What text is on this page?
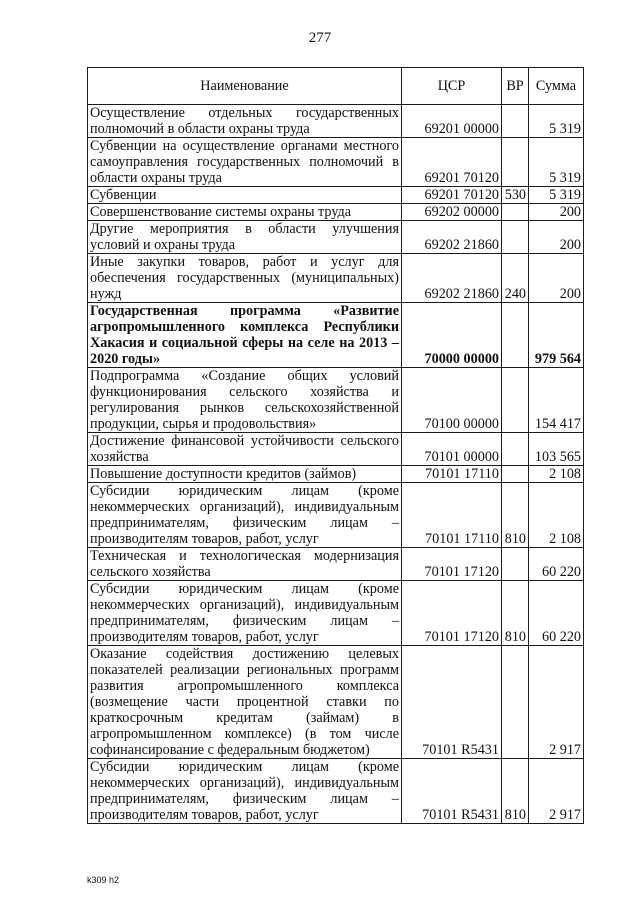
277
Наименование	ЦСР	ВР	Сумма
Осуществление отдельных государственных полномочий в области охраны труда	69201 00000		5 319
Субвенции на осуществление органами местного самоуправления государственных полномочий в области охраны труда	69201 70120		5 319
Субвенции	69201 70120	530	5 319
Совершенствование системы охраны труда	69202 00000		200
Другие мероприятия в области улучшения условий и охраны труда	69202 21860		200
Иные закупки товаров, работ и услуг для обеспечения государственных (муниципальных) нужд	69202 21860	240	200
Государственная программа «Развитие агропромышленного комплекса Республики Хакасия и социальной сферы на селе на 2013 – 2020 годы»	70000 00000		979 564
Подпрограмма «Создание общих условий функционирования сельского хозяйства и регулирования рынков сельскохозяйственной продукции, сырья и продовольствия»	70100 00000		154 417
Достижение финансовой устойчивости сельского хозяйства	70101 00000		103 565
Повышение доступности кредитов (займов)	70101 17110		2 108
Субсидии юридическим лицам (кроме некоммерческих организаций), индивидуальным предпринимателям, физическим лицам – производителям товаров, работ, услуг	70101 17110	810	2 108
Техническая и технологическая модернизация сельского хозяйства	70101 17120		60 220
Субсидии юридическим лицам (кроме некоммерческих организаций), индивидуальным предпринимателям, физическим лицам – производителям товаров, работ, услуг	70101 17120	810	60 220
Оказание содействия достижению целевых показателей реализации региональных программ развития агропромышленного комплекса (возмещение части процентной ставки по краткосрочным кредитам (займам) в агропромышленном комплексе) (в том числе софинансирование с федеральным бюджетом)	70101 R5431		2 917
Субсидии юридическим лицам (кроме некоммерческих организаций), индивидуальным предпринимателям, физическим лицам – производителям товаров, работ, услуг	70101 R5431	810	2 917
k309 h2
